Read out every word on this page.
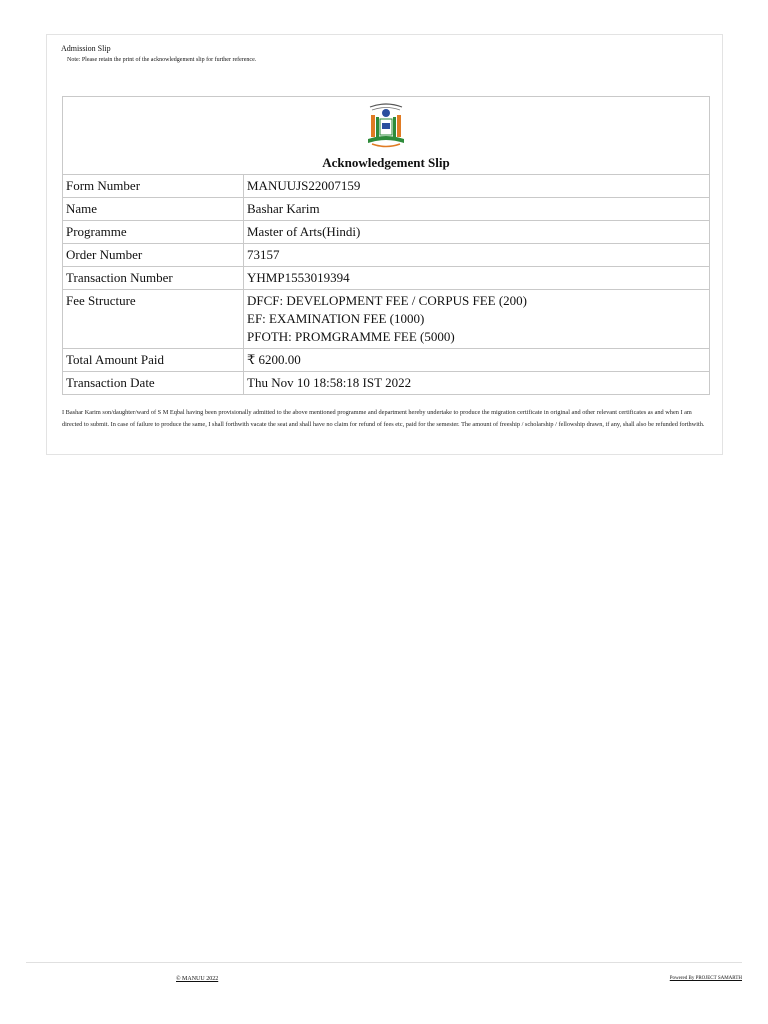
Admission Slip
Note: Please retain the print of the acknowledgement slip for further reference.
Acknowledgement Slip	

Form Number	MANUUJS22007159
Name	Bashar Karim
Programme	Master of Arts(Hindi)
Order Number	73157
Transaction Number	YHMP1553019394
Fee Structure	DFCF: DEVELOPMENT FEE / CORPUS FEE (200)
EF: EXAMINATION FEE (1000)
PFOTH: PROMGRAMME FEE (5000)

Total Amount Paid	₹ 6200.00
Transaction Date	Thu Nov 10 18:58:18 IST 2022
I Bashar Karim son/daughter/ward of S M Eqbal having been provisionally admitted to the above mentioned programme and department hereby undertake to produce the migration certificate in original and other relevant certificates as and when I am directed to submit. In case of failure to produce the same, I shall forthwith vacate the seat and shall have no claim for refund of fees etc, paid for the semester. The amount of freeship / scholarship / fellowship drawn, if any, shall also be refunded forthwith.
© MANUU 2022	Powered By PROJECT SAMARTH
